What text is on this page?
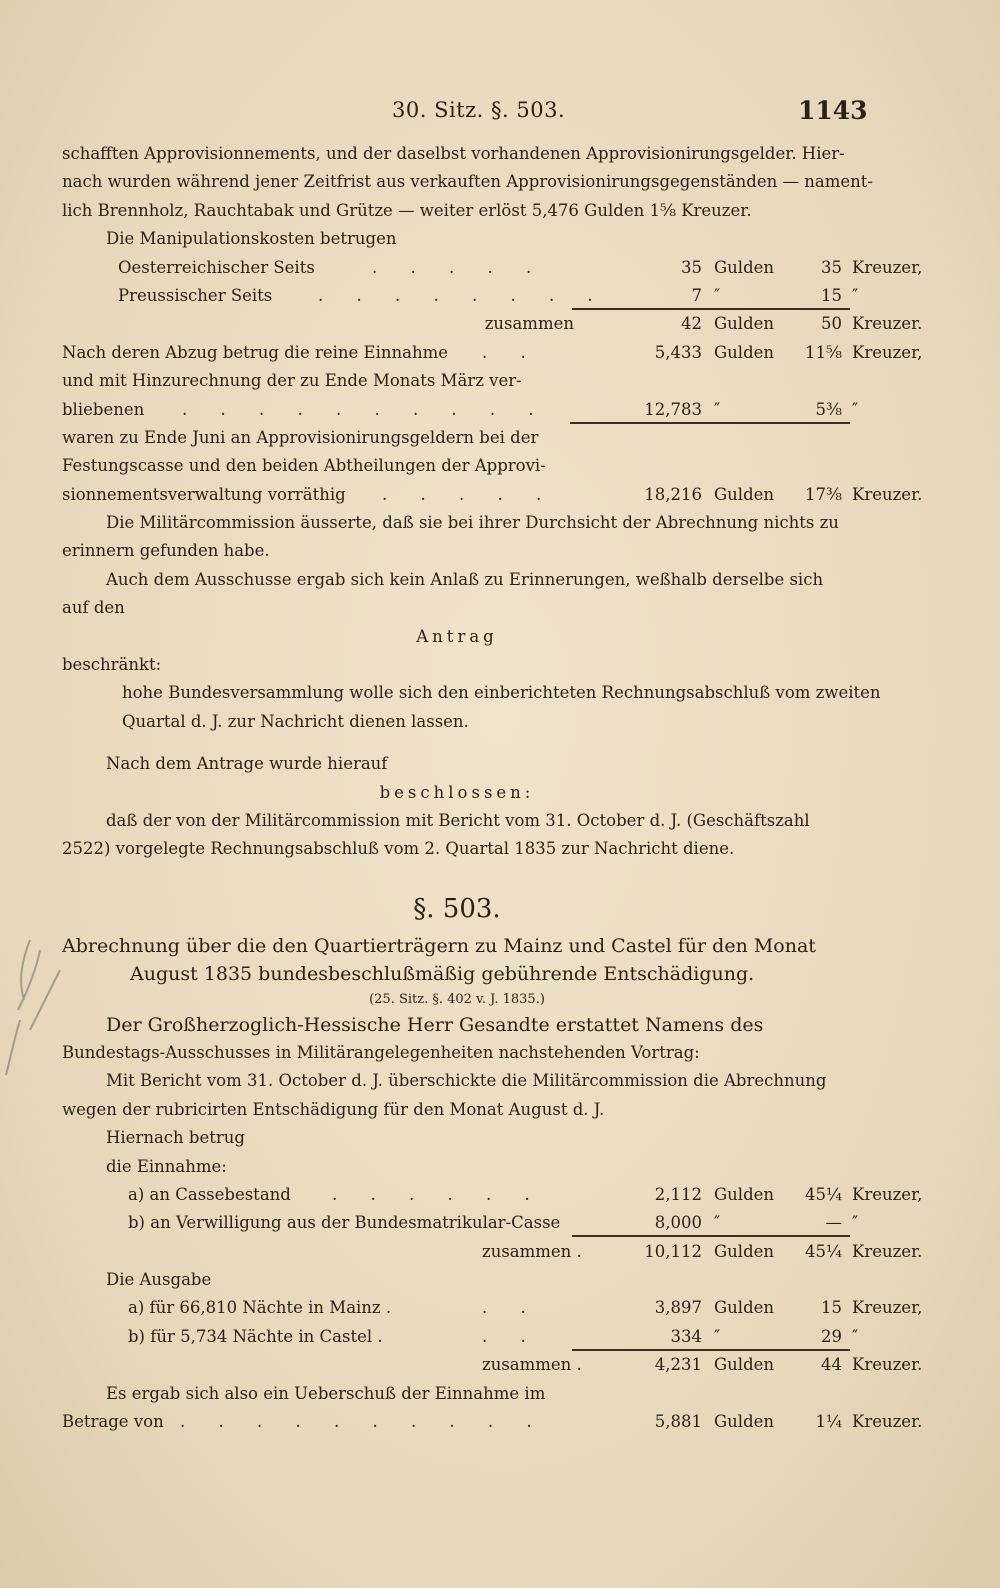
30. Sitz. §. 503.	1143
schafften Approvisionnements, und der daselbst vorhandenen Approvisionirungsgelder. Hier-
nach wurden während jener Zeitfrist aus verkauften Approvisionirungsgegenständen — nament-
lich Brennholz, Rauchtabak und Grütze — weiter erlöst 5,476 Gulden 1⅝ Kreuzer.
Die Manipulationskosten betrugen
Oesterreichischer Seits	. . . . .	35 Gulden	35 Kreuzer,
Preussischer Seits	. . . . . . . .	7 ″	15 ″
zusammen	42 Gulden	50 Kreuzer.
Nach deren Abzug betrug die reine Einnahme . .	5,433 Gulden	11⅝ Kreuzer,
und mit Hinzurechnung der zu Ende Monats März ver-
bliebenen . . . . . . . . . .	12,783 ″	5⅜ ″
waren zu Ende Juni an Approvisionirungsgeldern bei der
Festungscasse und den beiden Abtheilungen der Approvi-
sionnementsverwaltung vorräthig . . . . .	18,216 Gulden	17⅜ Kreuzer.
Die Militärcommission äusserte, daß sie bei ihrer Durchsicht der Abrechnung nichts zu
erinnern gefunden habe.
Auch dem Ausschusse ergab sich kein Anlaß zu Erinnerungen, weßhalb derselbe sich
auf den
Antrag
beschränkt:
hohe Bundesversammlung wolle sich den einberichteten Rechnungsabschluß vom zweiten
Quartal d. J. zur Nachricht dienen lassen.
Nach dem Antrage wurde hierauf
beschlossen:
daß der von der Militärcommission mit Bericht vom 31. October d. J. (Geschäftszahl
2522) vorgelegte Rechnungsabschluß vom 2. Quartal 1835 zur Nachricht diene.
§. 503.
Abrechnung über die den Quartierträgern zu Mainz und Castel für den Monat
August 1835 bundesbeschlußmäßig gebührende Entschädigung.
(25. Sitz. §. 402 v. J. 1835.)
Der Großherzoglich-Hessische Herr Gesandte erstattet Namens des
Bundestags-Ausschusses in Militärangelegenheiten nachstehenden Vortrag:
Mit Bericht vom 31. October d. J. überschickte die Militärcommission die Abrechnung
wegen der rubricirten Entschädigung für den Monat August d. J.
Hiernach betrug
die Einnahme:
a) an Cassebestand . . . . . .	2,112 Gulden	45¼ Kreuzer,
b) an Verwilligung aus der Bundesmatrikular-Casse	8,000 ″	— ″
zusammen .	10,112 Gulden	45¼ Kreuzer.
Die Ausgabe
a) für 66,810 Nächte in Mainz .	. .	3,897 Gulden	15 Kreuzer,
b) für 5,734 Nächte in Castel .	. .	334 ″	29 ″
zusammen .	4,231 Gulden	44 Kreuzer.
Es ergab sich also ein Ueberschuß der Einnahme im
Betrage von . . . . . . . . . .	5,881 Gulden	1¼ Kreuzer.
